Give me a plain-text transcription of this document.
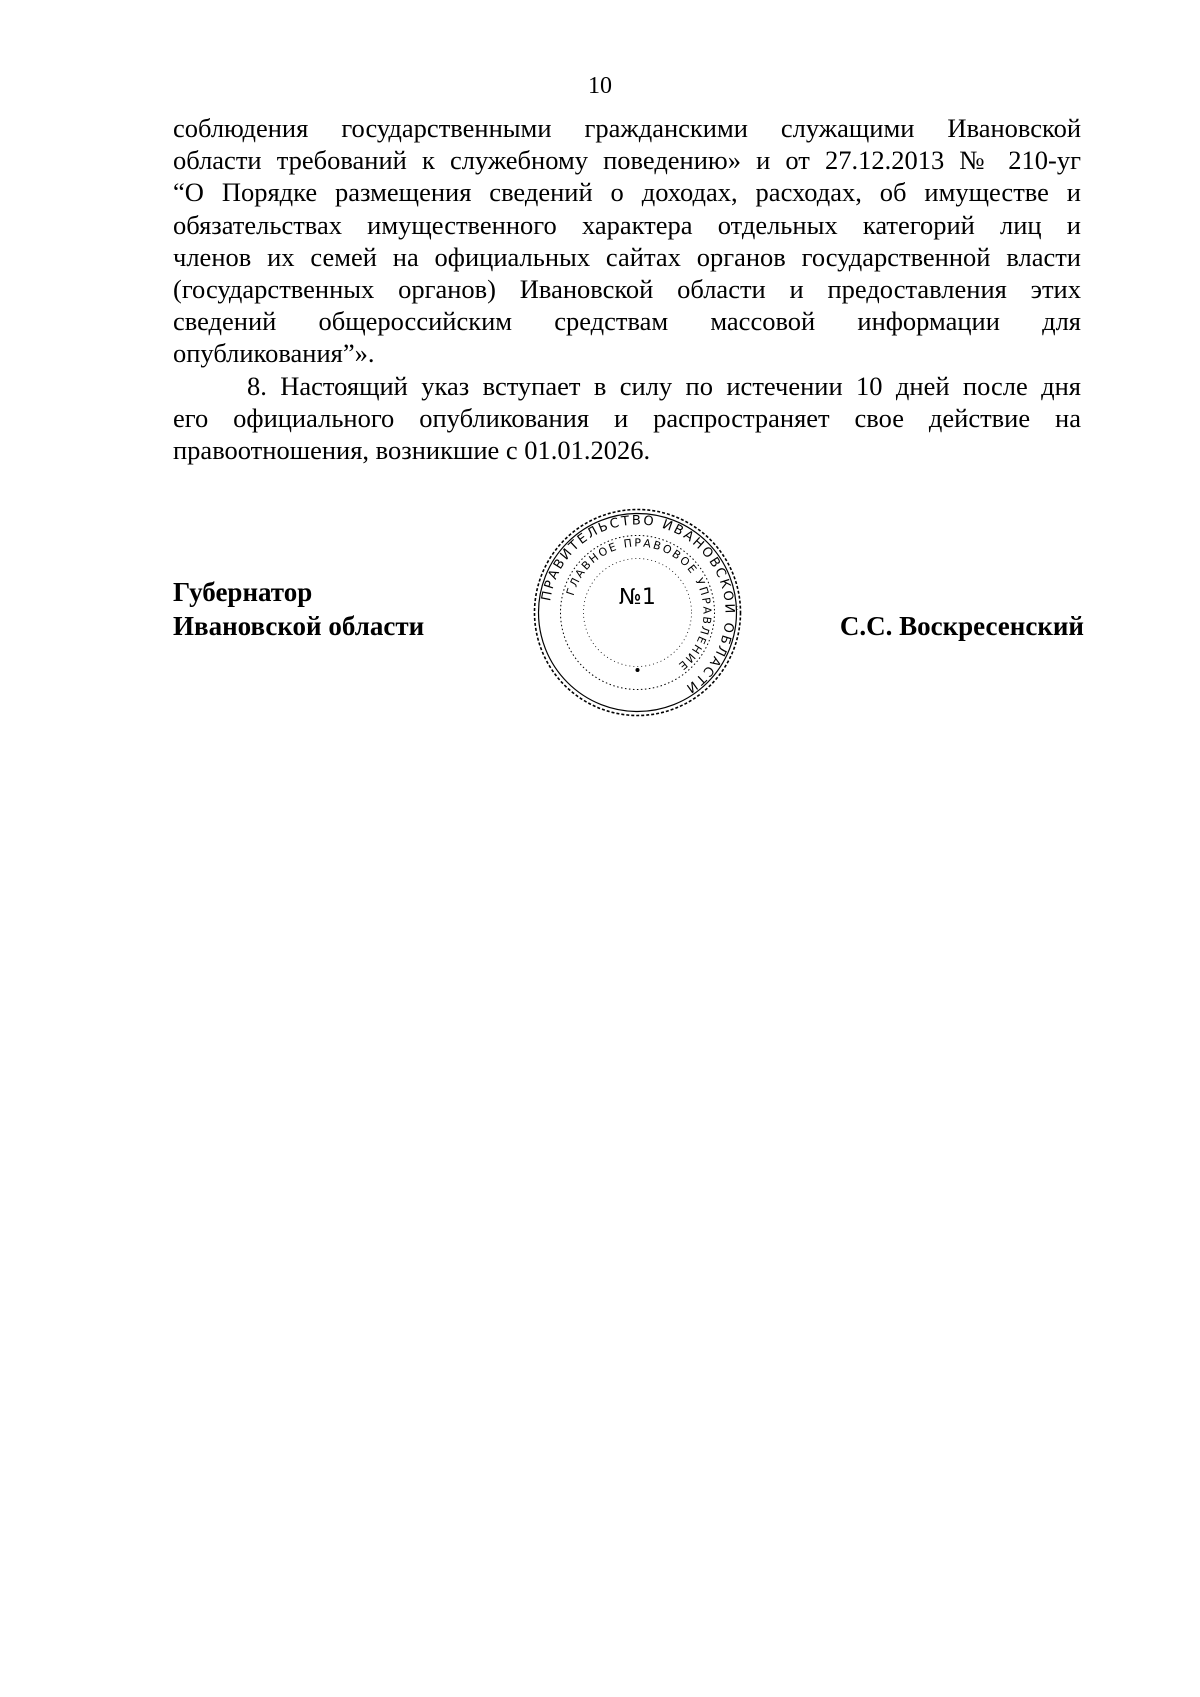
10

соблюдения государственными гражданскими служащими Ивановской
области требований к служебному поведению» и от 27.12.2013 № 210-уг
“О Порядке размещения сведений о доходах, расходах, об имуществе и
обязательствах имущественного характера отдельных категорий лиц и
членов их семей на официальных сайтах органов государственной власти
(государственных органов) Ивановской области и предоставления этих
сведений общероссийским средствам массовой информации для
опубликования”».

8. Настоящий указ вступает в силу по истечении 10 дней после дня
его официального опубликования и распространяет свое действие на
правоотношения, возникшие с 01.01.2026.

Губернатор
Ивановской области
ПРАВИТЕЛЬСТВО ИВАНОВСКОЙ ОБЛАСТИ
ГЛАВНОЕ ПРАВОВОЕ УПРАВЛЕНИЕ
№1
С.С. Воскресенский
